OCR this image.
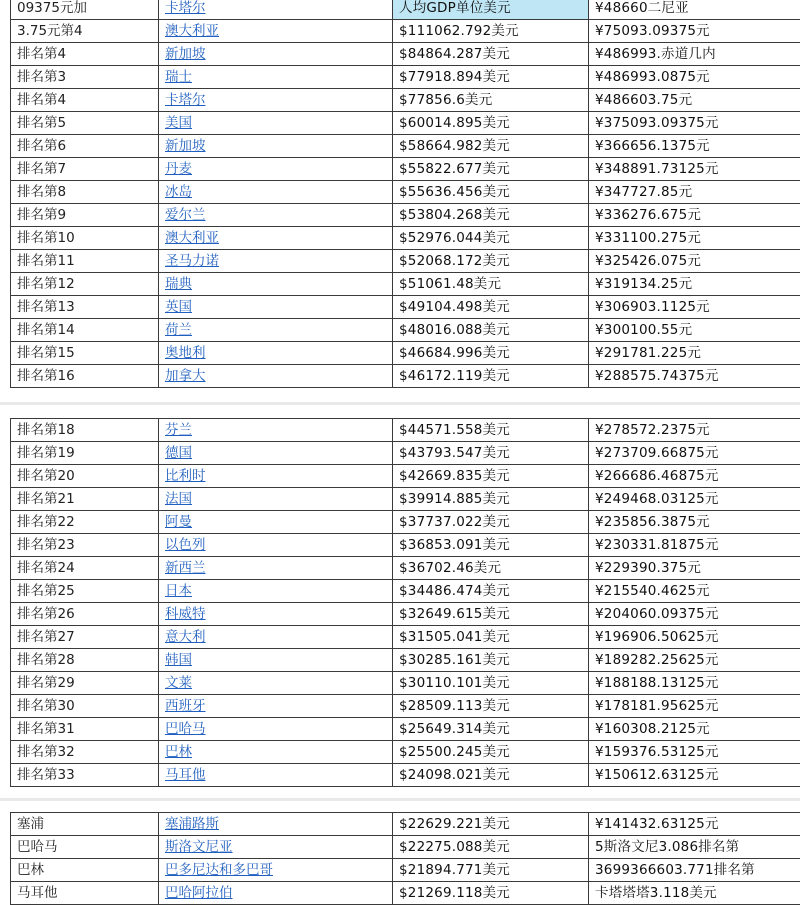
09375元加	卡塔尔	人均GDP单位美元	¥48660二尼亚
3.75元第4	澳大利亚	$111062.792美元	¥75093.09375元
排名第4	新加坡	$84864.287美元	¥486993.赤道几内
排名第3	瑞士	$77918.894美元	¥486993.0875元
排名第4	卡塔尔	$77856.6美元	¥486603.75元
排名第5	美国	$60014.895美元	¥375093.09375元
排名第6	新加坡	$58664.982美元	¥366656.1375元
排名第7	丹麦	$55822.677美元	¥348891.73125元
排名第8	冰岛	$55636.456美元	¥347727.85元
排名第9	爱尔兰	$53804.268美元	¥336276.675元
排名第10	澳大利亚	$52976.044美元	¥331100.275元
排名第11	圣马力诺	$52068.172美元	¥325426.075元
排名第12	瑞典	$51061.48美元	¥319134.25元
排名第13	英国	$49104.498美元	¥306903.1125元
排名第14	荷兰	$48016.088美元	¥300100.55元
排名第15	奥地利	$46684.996美元	¥291781.225元
排名第16	加拿大	$46172.119美元	¥288575.74375元
排名第18	芬兰	$44571.558美元	¥278572.2375元
排名第19	德国	$43793.547美元	¥273709.66875元
排名第20	比利时	$42669.835美元	¥266686.46875元
排名第21	法国	$39914.885美元	¥249468.03125元
排名第22	阿曼	$37737.022美元	¥235856.3875元
排名第23	以色列	$36853.091美元	¥230331.81875元
排名第24	新西兰	$36702.46美元	¥229390.375元
排名第25	日本	$34486.474美元	¥215540.4625元
排名第26	科威特	$32649.615美元	¥204060.09375元
排名第27	意大利	$31505.041美元	¥196906.50625元
排名第28	韩国	$30285.161美元	¥189282.25625元
排名第29	文莱	$30110.101美元	¥188188.13125元
排名第30	西班牙	$28509.113美元	¥178181.95625元
排名第31	巴哈马	$25649.314美元	¥160308.2125元
排名第32	巴林	$25500.245美元	¥159376.53125元
排名第33	马耳他	$24098.021美元	¥150612.63125元
塞浦	塞浦路斯	$22629.221美元	¥141432.63125元
巴哈马	斯洛文尼亚	$22275.088美元	5斯洛文尼3.086排名第
巴林	巴多尼达和多巴哥	$21894.771美元	3699366603.771排名第
马耳他	巴哈阿拉伯	$21269.118美元	卡塔塔塔3.118美元
